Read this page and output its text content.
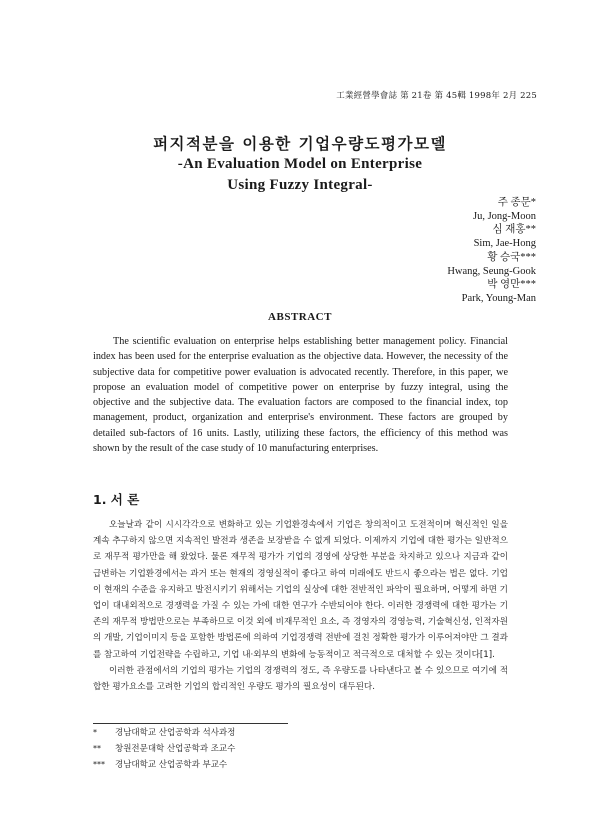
工業經營學會誌 第 21卷 第 45輯 1998年 2月 225

퍼지적분을 이용한 기업우량도평가모델

-An Evaluation Model on Enterprise

Using Fuzzy Integral-

주 종문*
Ju, Jong-Moon
심 재홍**
Sim, Jae-Hong
황 승국***
Hwang, Seung-Gook
박 영만***
Park, Young-Man
ABSTRACT

The scientific evaluation on enterprise helps establishing better management policy. Financial index has been used for the enterprise evaluation as the objective data. However, the necessity of the subjective data for competitive power evaluation is advocated recently. Therefore, in this paper, we propose an evaluation model of competitive power on enterprise by fuzzy integral, using the objective and the subjective data. The evaluation factors are composed to the financial index, top management, product, organization and enterprise's environment. These factors are grouped by detailed sub-factors of 16 units. Lastly, utilizing these factors, the efficiency of this method was shown by the result of the case study of 10 manufacturing enterprises.

1. 서 론

오늘날과 같이 시시각각으로 변화하고 있는 기업환경속에서 기업은 창의적이고 도전적이며 혁신적인 일을 계속 추구하지 않으면 지속적인 발전과 생존을 보장받을 수 없게 되었다. 이제까지 기업에 대한 평가는 일반적으로 재무적 평가만을 해 왔었다. 물론 재무적 평가가 기업의 경영에 상당한 부분을 차지하고 있으나 지금과 같이 급변하는 기업환경에서는 과거 또는 현재의 경영실적이 좋다고 하여 미래에도 반드시 좋으라는 법은 없다. 기업이 현재의 수준을 유지하고 발전시키기 위해서는 기업의 실상에 대한 전반적인 파악이 필요하며, 어떻게 하면 기업이 대내외적으로 경쟁력을 가질 수 있는 가에 대한 연구가 수반되어야 한다. 이러한 경쟁력에 대한 평가는 기존의 재무적 방법만으로는 부족하므로 이것 외에 비재무적인 요소, 즉 경영자의 경영능력, 기술혁신성, 인적자원의 개발, 기업이미지 등을 포함한 방법론에 의하여 기업경쟁력 전반에 걸친 정확한 평가가 이루어져야만 그 결과를 참고하여 기업전략을 수립하고, 기업 내·외부의 변화에 능동적이고 적극적으로 대처할 수 있는 것이다[1].

이러한 관점에서의 기업의 평가는 기업의 경쟁력의 정도, 즉 우량도를 나타낸다고 볼 수 있으므로 여기에 적합한 평가요소를 고려한 기업의 합리적인 우량도 평가의 필요성이 대두된다.

*	경남대학교 산업공학과 석사과정
**	창원전문대학 산업공학과 조교수
***	경남대학교 산업공학과 부교수
